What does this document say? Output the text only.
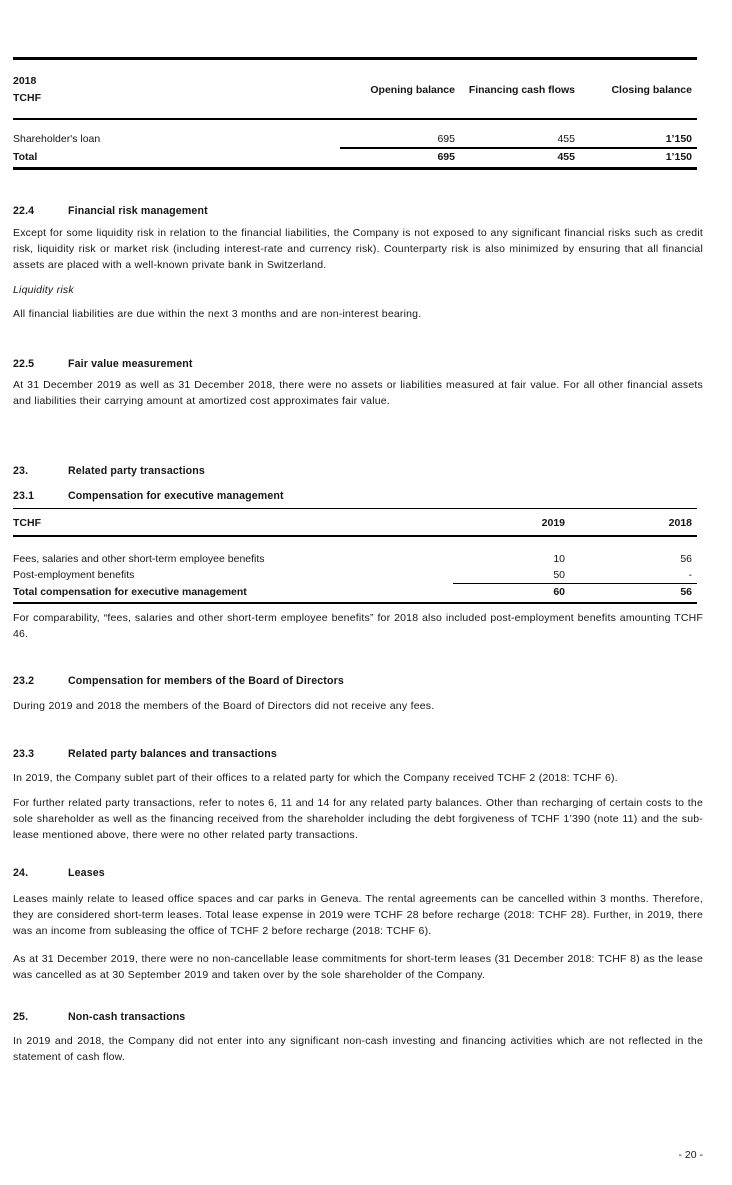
2018
TCHF
Opening balance	Financing cash flows	Closing balance
Shareholder's loan	695	455	1’150
Total	695	455	1’150
22.4	Financial risk management

Except for some liquidity risk in relation to the financial liabilities, the Company is not exposed to any significant financial risks such as credit risk, liquidity risk or market risk (including interest-rate and currency risk). Counterparty risk is also minimized by ensuring that all financial assets are placed with a well-known private bank in Switzerland.

Liquidity risk

All financial liabilities are due within the next 3 months and are non-interest bearing.

22.5	Fair value measurement

At 31 December 2019 as well as 31 December 2018, there were no assets or liabilities measured at fair value. For all other financial assets and liabilities their carrying amount at amortized cost approximates fair value.

23.	Related party transactions
23.1	Compensation for executive management
TCHF	2019	2018
Fees, salaries and other short-term employee benefits	10	56
Post-employment benefits	50	-
Total compensation for executive management	60	56

For comparability, “fees, salaries and other short-term employee benefits” for 2018 also included post-employment benefits amounting TCHF 46.

23.2	Compensation for members of the Board of Directors

During 2019 and 2018 the members of the Board of Directors did not receive any fees.

23.3	Related party balances and transactions

In 2019, the Company sublet part of their offices to a related party for which the Company received TCHF 2 (2018: TCHF 6).

For further related party transactions, refer to notes 6, 11 and 14 for any related party balances. Other than recharging of certain costs to the sole shareholder as well as the financing received from the shareholder including the debt forgiveness of TCHF 1’390 (note 11) and the sub-lease mentioned above, there were no other related party transactions.

24.	Leases

Leases mainly relate to leased office spaces and car parks in Geneva. The rental agreements can be cancelled within 3 months. Therefore, they are considered short-term leases. Total lease expense in 2019 were TCHF 28 before recharge (2018: TCHF 28). Further, in 2019, there was an income from subleasing the office of TCHF 2 before recharge (2018: TCHF 6).

As at 31 December 2019, there were no non-cancellable lease commitments for short-term leases (31 December 2018: TCHF 8) as the lease was cancelled as at 30 September 2019 and taken over by the sole shareholder of the Company.

25.	Non-cash transactions

In 2019 and 2018, the Company did not enter into any significant non-cash investing and financing activities which are not reflected in the statement of cash flow.

- 20 -
